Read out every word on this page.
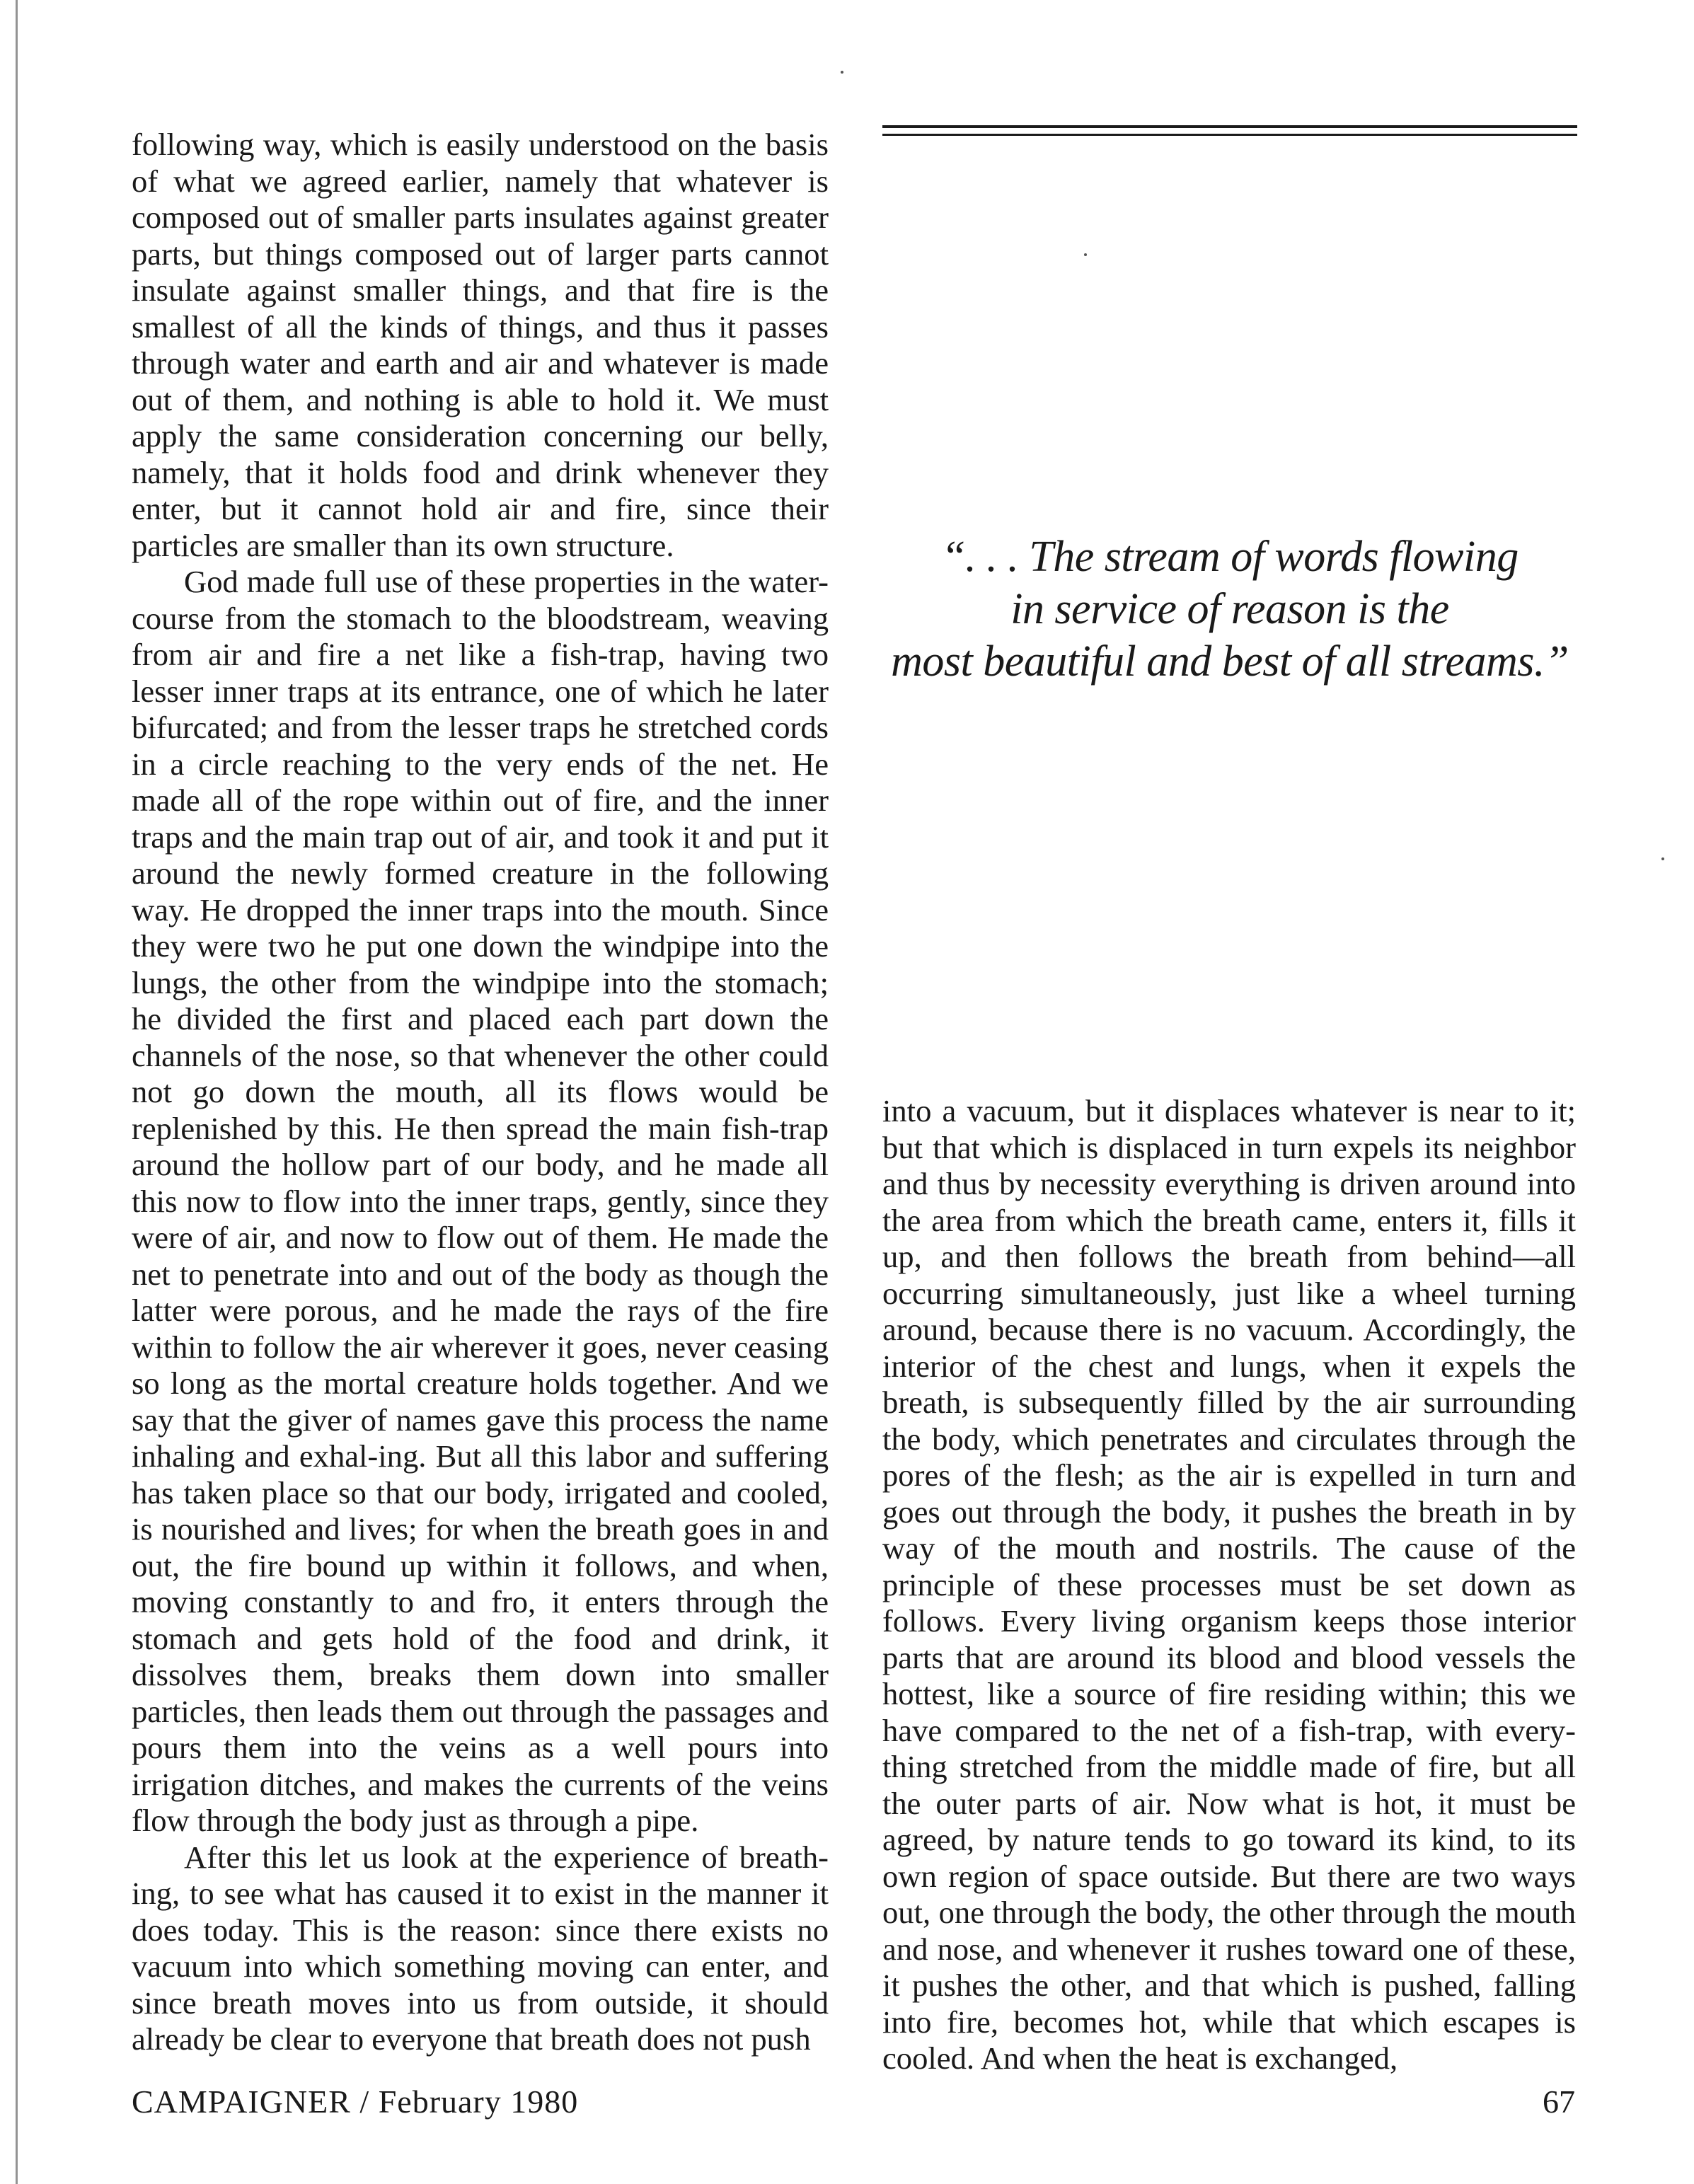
following way, which is easily understood on the basis of what we agreed earlier, namely that whatever is composed out of smaller parts insulates against greater parts, but things composed out of larger parts cannot insulate against smaller things, and that fire is the smallest of all the kinds of things, and thus it passes through water and earth and air and whatever is made out of them, and nothing is able to hold it. We must apply the same consideration concerning our belly, namely, that it holds food and drink whenever they enter, but it cannot hold air and fire, since their particles are smaller than its own structure.

God made full use of these properties in the water-course from the stomach to the bloodstream, weaving from air and fire a net like a fish-trap, having two lesser inner traps at its entrance, one of which he later bifurcated; and from the lesser traps he stretched cords in a circle reaching to the very ends of the net. He made all of the rope within out of fire, and the inner traps and the main trap out of air, and took it and put it around the newly formed creature in the following way. He dropped the inner traps into the mouth. Since they were two he put one down the windpipe into the lungs, the other from the windpipe into the stomach; he divided the first and placed each part down the channels of the nose, so that whenever the other could not go down the mouth, all its flows would be replenished by this. He then spread the main fish-trap around the hollow part of our body, and he made all this now to flow into the inner traps, gently, since they were of air, and now to flow out of them. He made the net to penetrate into and out of the body as though the latter were porous, and he made the rays of the fire within to follow the air wherever it goes, never ceasing so long as the mortal creature holds together. And we say that the giver of names gave this process the name inhaling and exhal-ing. But all this labor and suffering has taken place so that our body, irrigated and cooled, is nourished and lives; for when the breath goes in and out, the fire bound up within it follows, and when, moving constantly to and fro, it enters through the stomach and gets hold of the food and drink, it dissolves them, breaks them down into smaller particles, then leads them out through the passages and pours them into the veins as a well pours into irrigation ditches, and makes the currents of the veins flow through the body just as through a pipe.

After this let us look at the experience of breath-ing, to see what has caused it to exist in the manner it does today. This is the reason: since there exists no vacuum into which something moving can enter, and since breath moves into us from outside, it should already be clear to everyone that breath does not push

“. . . The stream of words flowing
in service of reason is the
most beautiful and best of all streams.”

into a vacuum, but it displaces whatever is near to it; but that which is displaced in turn expels its neighbor and thus by necessity everything is driven around into the area from which the breath came, enters it, fills it up, and then follows the breath from behind—all occurring simultaneously, just like a wheel turning around, because there is no vacuum. Accordingly, the interior of the chest and lungs, when it expels the breath, is subsequently filled by the air surrounding the body, which penetrates and circulates through the pores of the flesh; as the air is expelled in turn and goes out through the body, it pushes the breath in by way of the mouth and nostrils. The cause of the principle of these processes must be set down as follows. Every living organism keeps those interior parts that are around its blood and blood vessels the hottest, like a source of fire residing within; this we have compared to the net of a fish-trap, with every-thing stretched from the middle made of fire, but all the outer parts of air. Now what is hot, it must be agreed, by nature tends to go toward its kind, to its own region of space outside. But there are two ways out, one through the body, the other through the mouth and nose, and whenever it rushes toward one of these, it pushes the other, and that which is pushed, falling into fire, becomes hot, while that which escapes is cooled. And when the heat is exchanged,

CAMPAIGNER / February 1980	67
